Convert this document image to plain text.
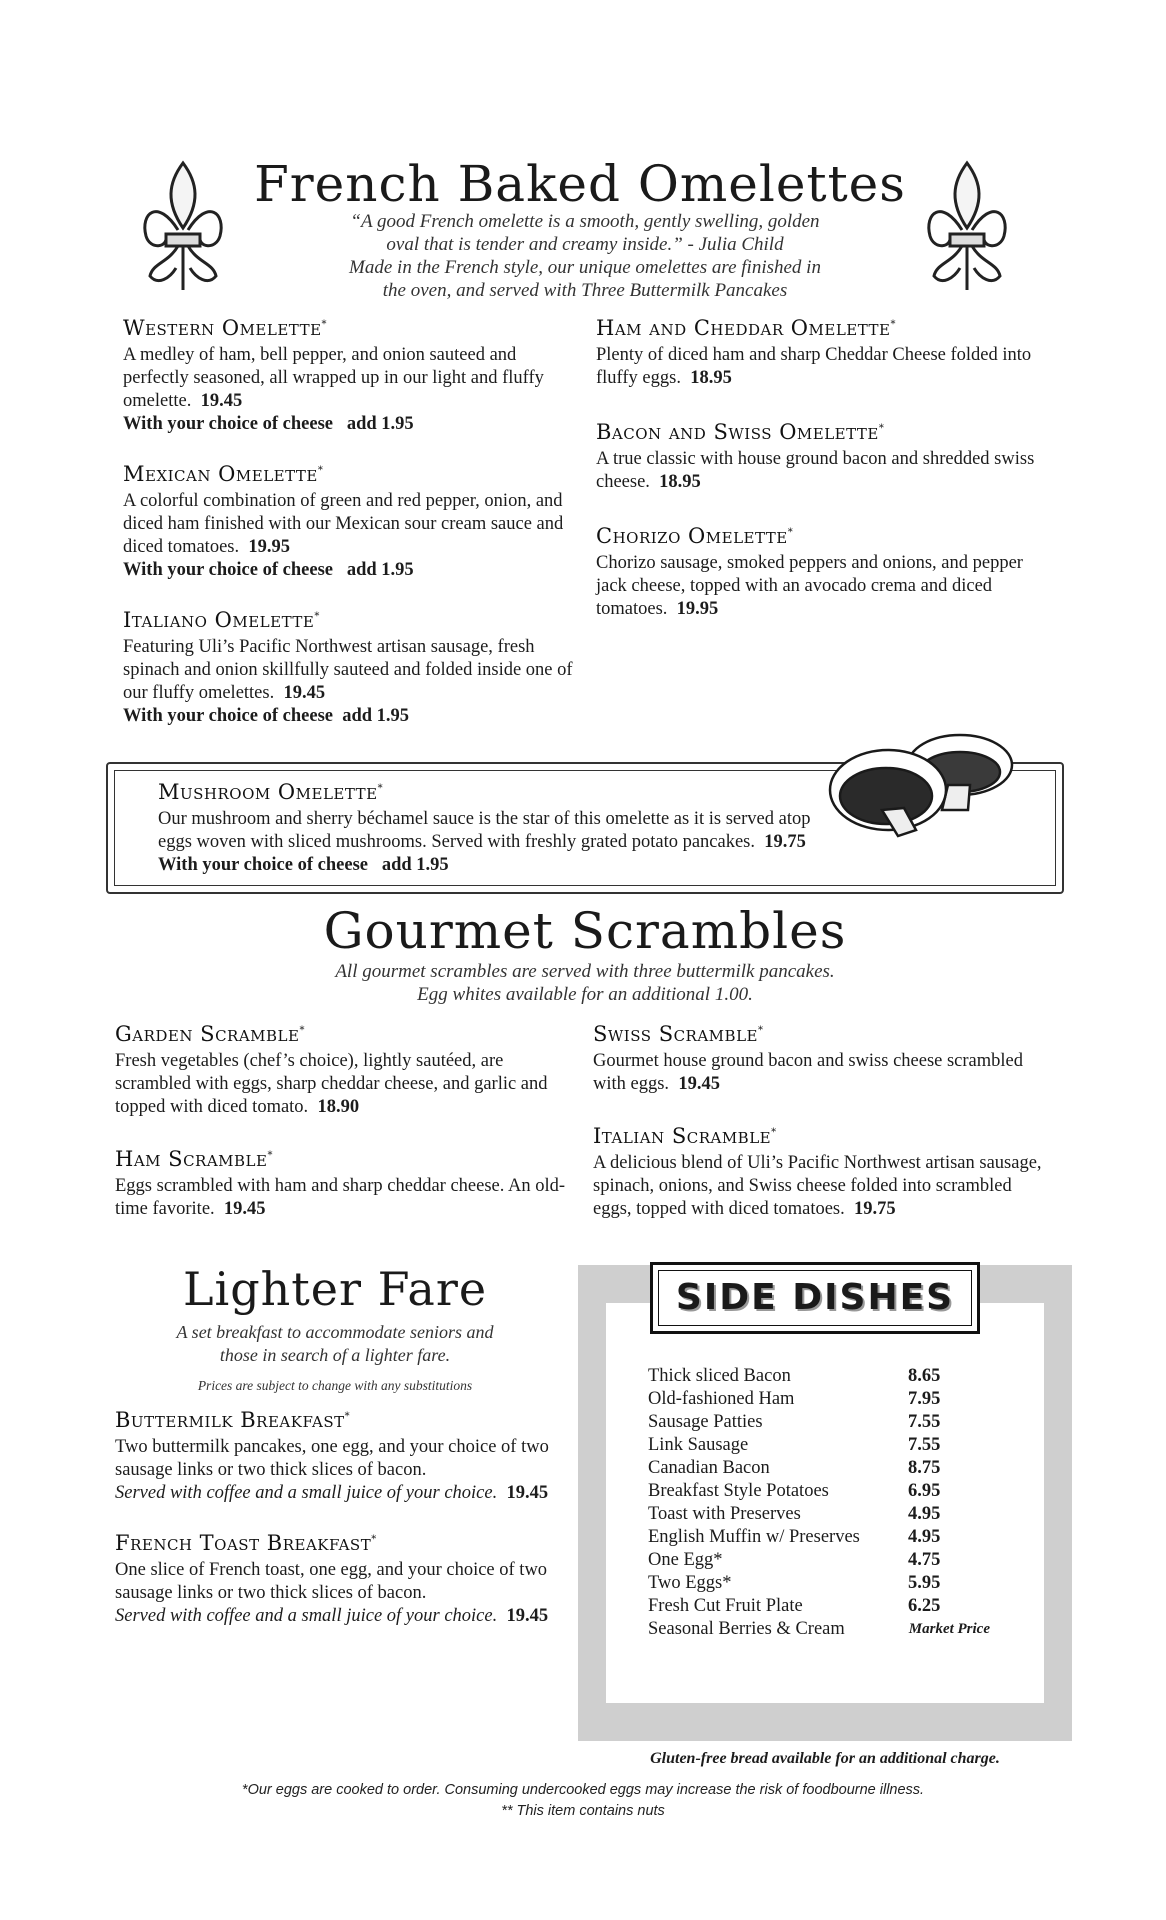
French Baked Omelettes
“A good French omelette is a smooth, gently swelling, golden oval that is tender and creamy inside.” - Julia Child
Made in the French style, our unique omelettes are finished in the oven, and served with Three Buttermilk Pancakes
Western Omelette*

A medley of ham, bell pepper, and onion sauteed and perfectly seasoned, all wrapped up in our light and fluffy omelette. 19.45

With your choice of cheese   add 1.95

Mexican Omelette*

A colorful combination of green and red pepper, onion, and diced ham finished with our Mexican sour cream sauce and diced tomatoes. 19.95

With your choice of cheese   add 1.95

Italiano Omelette*

Featuring Uli’s Pacific Northwest artisan sausage, fresh spinach and onion skillfully sauteed and folded inside one of our fluffy omelettes. 19.45

With your choice of cheese  add 1.95

Ham and Cheddar Omelette*

Plenty of diced ham and sharp Cheddar Cheese folded into fluffy eggs. 18.95

Bacon and Swiss Omelette*

A true classic with house ground bacon and shredded swiss cheese. 18.95

Chorizo Omelette*

Chorizo sausage, smoked peppers and onions, and pepper jack cheese, topped with an avocado crema and diced tomatoes. 19.95

Mushroom Omelette*

Our mushroom and sherry béchamel sauce is the star of this omelette as it is served atop eggs woven with sliced mushrooms. Served with freshly grated potato pancakes. 19.75  With your choice of cheese   add 1.95

Gourmet Scrambles
All gourmet scrambles are served with three buttermilk pancakes.
Egg whites available for an additional 1.00.
Garden Scramble*

Fresh vegetables (chef’s choice), lightly sautéed, are scrambled with eggs, sharp cheddar cheese, and garlic and topped with diced tomato. 18.90

Ham Scramble*

Eggs scrambled with ham and sharp cheddar cheese. An old-time favorite. 19.45

Swiss Scramble*

Gourmet house ground bacon and swiss cheese scrambled with eggs. 19.45

Italian Scramble*

A delicious blend of Uli’s Pacific Northwest artisan sausage, spinach, onions, and Swiss cheese folded into scrambled eggs, topped with diced tomatoes. 19.75

Lighter Fare
A set breakfast to accommodate seniors and
those in search of a lighter fare.
Prices are subject to change with any substitutions
Buttermilk Breakfast*

Two buttermilk pancakes, one egg, and your choice of two sausage links or two thick slices of bacon.

Served with coffee and a small juice of your choice. 19.45

French Toast Breakfast*

One slice of French toast, one egg, and your choice of two sausage links or two thick slices of bacon.

Served with coffee and a small juice of your choice. 19.45

SIDE DISHES
Thick sliced Bacon	8.65
Old-fashioned Ham	7.95
Sausage Patties	7.55
Link Sausage	7.55
Canadian Bacon	8.75
Breakfast Style Potatoes	6.95
Toast with Preserves	4.95
English Muffin w/ Preserves	4.95
One Egg*	4.75
Two Eggs*	5.95
Fresh Cut Fruit Plate	6.25
Seasonal Berries & Cream	Market Price
Gluten-free bread available for an additional charge.
*Our eggs are cooked to order. Consuming undercooked eggs may increase the risk of foodbourne illness.
** This item contains nuts
